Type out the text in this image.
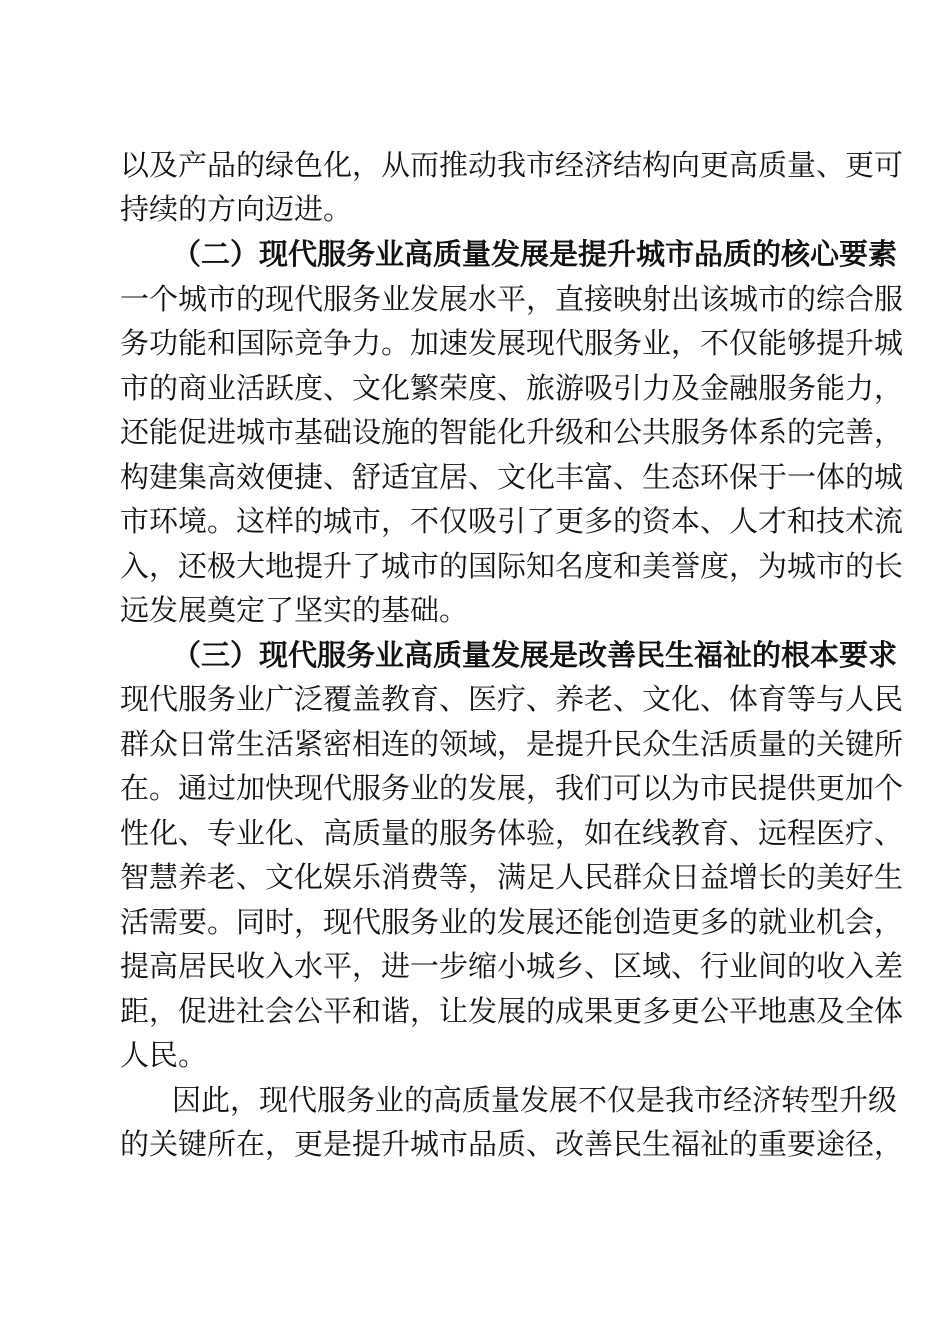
以及产品的绿色化，从而推动我市经济结构向更高质量、更可
持续的方向迈进。
（二）现代服务业高质量发展是提升城市品质的核心要素
一个城市的现代服务业发展水平，直接映射出该城市的综合服
务功能和国际竞争力。加速发展现代服务业，不仅能够提升城
市的商业活跃度、文化繁荣度、旅游吸引力及金融服务能力，
还能促进城市基础设施的智能化升级和公共服务体系的完善，
构建集高效便捷、舒适宜居、文化丰富、生态环保于一体的城
市环境。这样的城市，不仅吸引了更多的资本、人才和技术流
入，还极大地提升了城市的国际知名度和美誉度，为城市的长
远发展奠定了坚实的基础。
（三）现代服务业高质量发展是改善民生福祉的根本要求
现代服务业广泛覆盖教育、医疗、养老、文化、体育等与人民
群众日常生活紧密相连的领域，是提升民众生活质量的关键所
在。通过加快现代服务业的发展，我们可以为市民提供更加个
性化、专业化、高质量的服务体验，如在线教育、远程医疗、
智慧养老、文化娱乐消费等，满足人民群众日益增长的美好生
活需要。同时，现代服务业的发展还能创造更多的就业机会，
提高居民收入水平，进一步缩小城乡、区域、行业间的收入差
距，促进社会公平和谐，让发展的成果更多更公平地惠及全体
人民。
因此，现代服务业的高质量发展不仅是我市经济转型升级
的关键所在，更是提升城市品质、改善民生福祉的重要途径，
